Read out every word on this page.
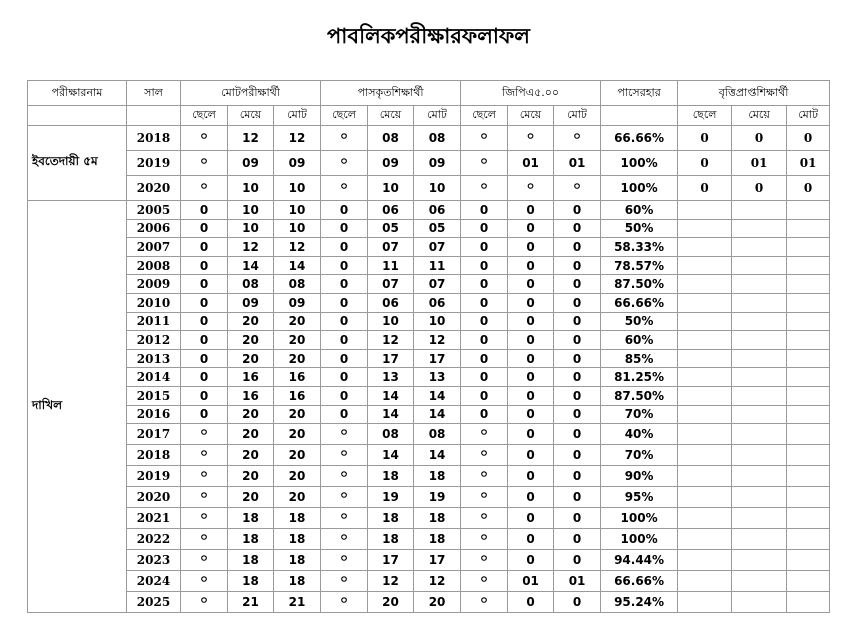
পাবলিকপরীক্ষারফলাফল
পরীক্ষারনাম	সাল	মোটপরীক্ষার্থী			পাসকৃতশিক্ষার্থী			জিপিএ৫.০০			পাসেরহার	বৃত্তিপ্রাপ্তশিক্ষার্থী		
		ছেলে	মেয়ে	মোট	ছেলে	মেয়ে	মোট	ছেলে	মেয়ে	মোট		ছেলে	মেয়ে	মোট
ইবতেদায়ী ৫ম	2018	০	12	12	০	08	08	০	০	০	66.66%	0	0	0
	2019	০	09	09	০	09	09	০	01	01	100%	0	01	01
	2020	০	10	10	০	10	10	০	০	০	100%	0	0	0
দাখিল	2005	0	10	10	0	06	06	0	0	0	60%			
	2006	0	10	10	0	05	05	0	0	0	50%			
	2007	0	12	12	0	07	07	0	0	0	58.33%			
	2008	0	14	14	0	11	11	0	0	0	78.57%			
	2009	0	08	08	0	07	07	0	0	0	87.50%			
	2010	0	09	09	0	06	06	0	0	0	66.66%			
	2011	0	20	20	0	10	10	0	0	0	50%			
	2012	0	20	20	0	12	12	0	0	0	60%			
	2013	0	20	20	0	17	17	0	0	0	85%			
	2014	0	16	16	0	13	13	0	0	0	81.25%			
	2015	0	16	16	0	14	14	0	0	0	87.50%			
	2016	0	20	20	0	14	14	0	0	0	70%			
	2017	০	20	20	০	08	08	০	0	0	40%			
	2018	০	20	20	০	14	14	০	0	0	70%			
	2019	০	20	20	০	18	18	০	0	0	90%			
	2020	০	20	20	০	19	19	০	0	0	95%			
	2021	০	18	18	০	18	18	০	0	0	100%			
	2022	০	18	18	০	18	18	০	0	0	100%			
	2023	০	18	18	০	17	17	০	0	0	94.44%			
	2024	০	18	18	০	12	12	০	01	01	66.66%			
	2025	০	21	21	০	20	20	০	0	0	95.24%			
